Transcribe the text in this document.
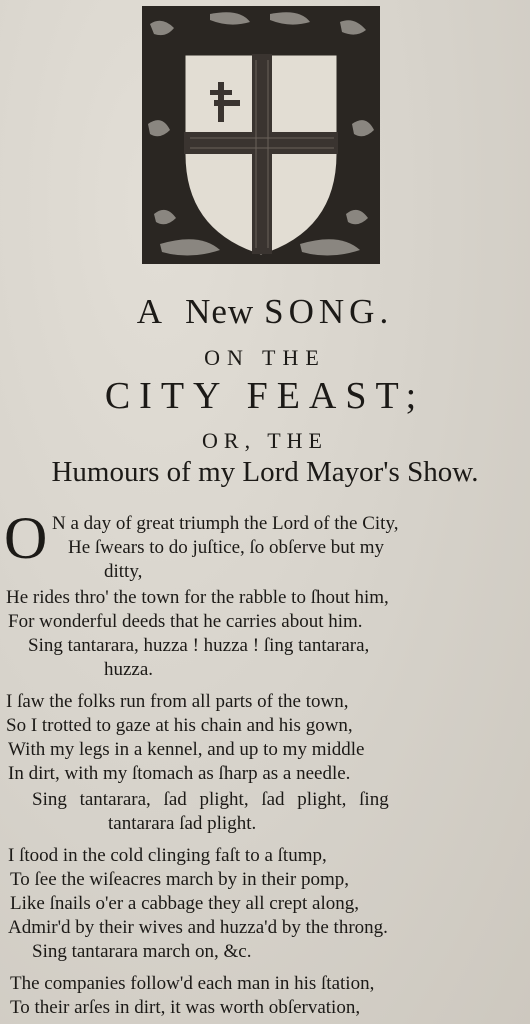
A New SONG.
ON THE
CITY FEAST;
OR, THE
Humours of my Lord Mayor's Show.
O N a day of great triumph the Lord of the City,
He ſwears to do juſtice, ſo obſerve but my
ditty,
He rides thro' the town for the rabble to ſhout him,
For wonderful deeds that he carries about him.
Sing tantarara, huzza ! huzza ! ſing tantarara,
huzza.
I ſaw the folks run from all parts of the town,
So I trotted to gaze at his chain and his gown,
With my legs in a kennel, and up to my middle
In dirt, with my ſtomach as ſharp as a needle.
Sing tantarara, ſad plight, ſad plight, ſing
tantarara ſad plight.
I ſtood in the cold clinging faſt to a ſtump,
To ſee the wiſeacres march by in their pomp,
Like ſnails o'er a cabbage they all crept along,
Admir'd by their wives and huzza'd by the throng.
Sing tantarara march on, &c.
The companies follow'd each man in his ſtation,
To their arſes in dirt, it was worth obſervation,
